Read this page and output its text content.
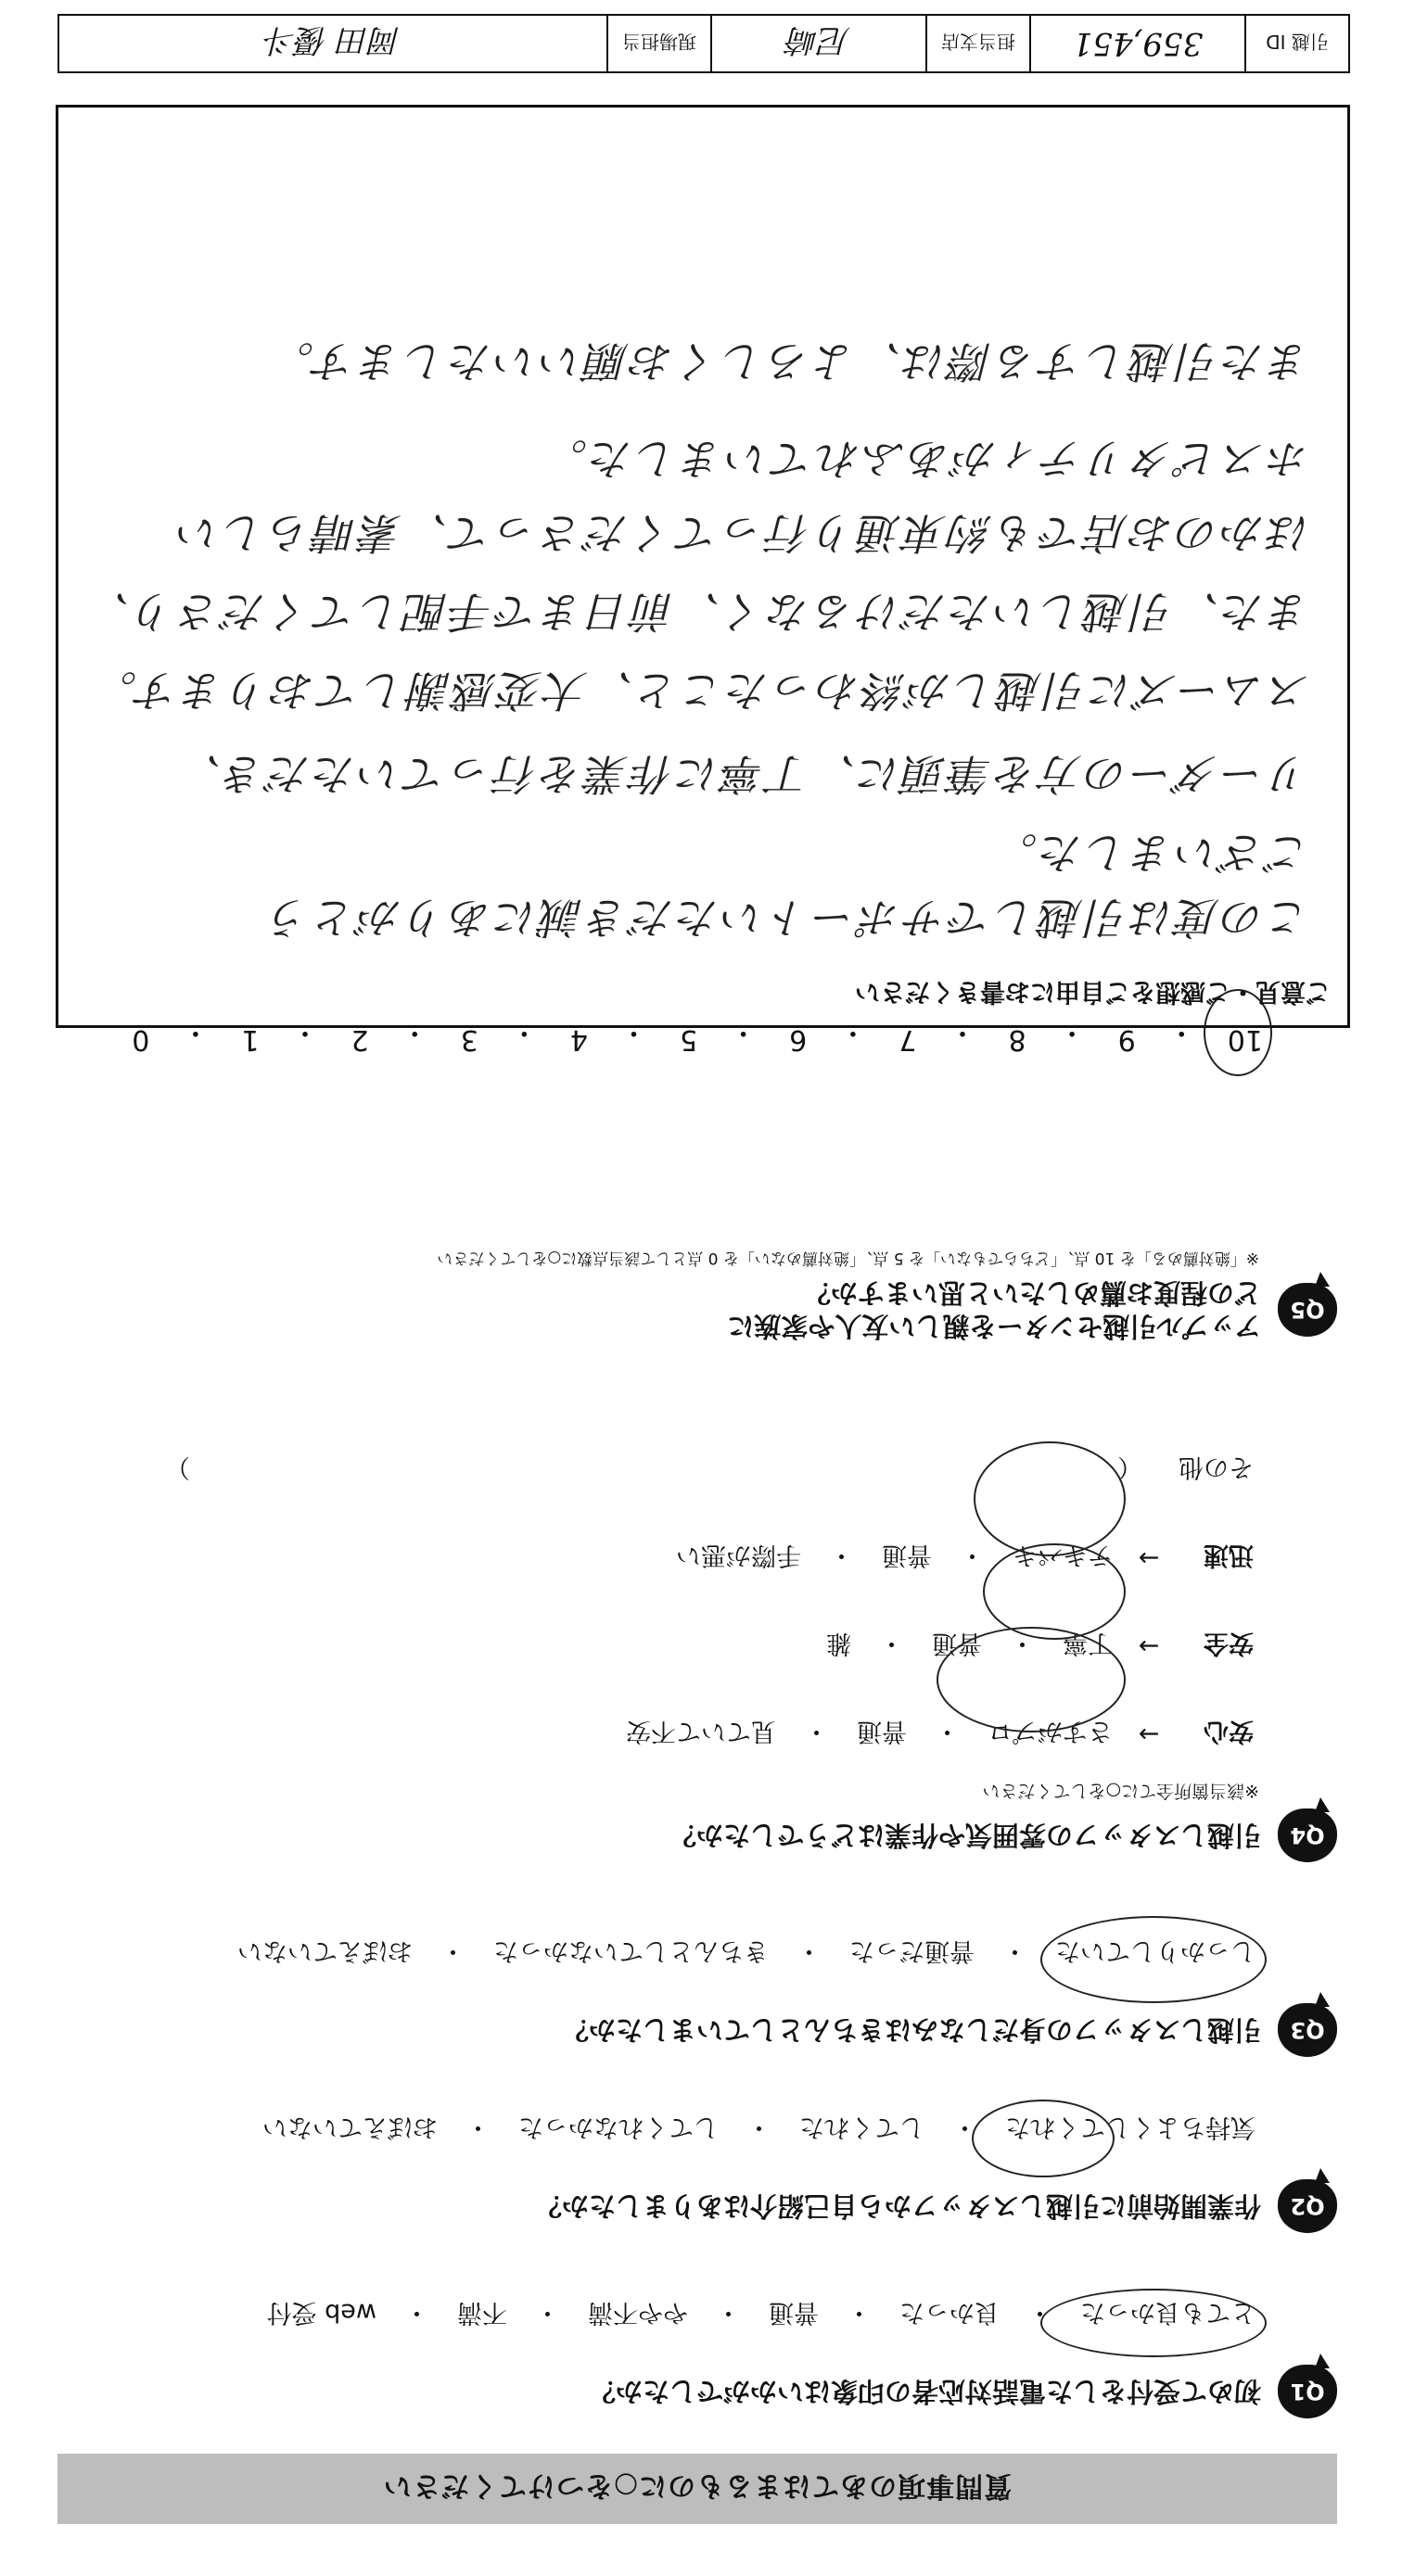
質問事項のあてはまるものに○をつけてください
Q1
初めて受付をした電話対応者の印象はいかがでしたか？
とても良かった
・
良かった
・
普通
・
やや不満
・
不満
・
web 受付
Q2
作業開始前に引越しスタッフから自己紹介はありましたか？
気持ちよくしてくれた
・
してくれた
・
してくれなかった
・
おぼえていない
Q3
引越しスタッフの身だしなみはきちんとしていましたか？
しっかりしていた
・
普通だった
・
きちんとしていなかった
・
おぼえていない
Q4
引越しスタッフの雰囲気や作業はどうでしたか？
※該当箇所全てに○をしてください
安心
→
さすがプロ
・
普通
・
見ていて不安
安全
→
丁寧
・
普通
・
雑
迅速
→
テキパキ
・
普通
・
手際が悪い
その他
（
）
Q5
アップル引越センターを親しい友人や家族に
どの程度お薦めしたいと思いますか？
※「絶対薦める」を 10 点、「どちらでもない」を 5 点、「絶対薦めない」を 0 点として該当点数に○をしてください
10
・
9
・
8
・
7
・
6
・
5
・
4
・
3
・
2
・
1
・
0
ご意見・ご感想をご自由にお書きください
この度は引越しでサポートいただき誠にありがとう
ございました。
リーダーの方を筆頭に、丁寧に作業を行っていただき、
スムーズに引越しが終わったこと、大変感謝しております。
また、引越しいただけるなく、前日まで手配してくださり、
ほかのお店でも約束通り行ってくださって、素晴らしい
ホスピタリティがあふれていました。
また引越しする際は、よろしくお願いいたします。
引越 ID
359,451
担当支店
尼崎
現場担当
岡田 優斗
